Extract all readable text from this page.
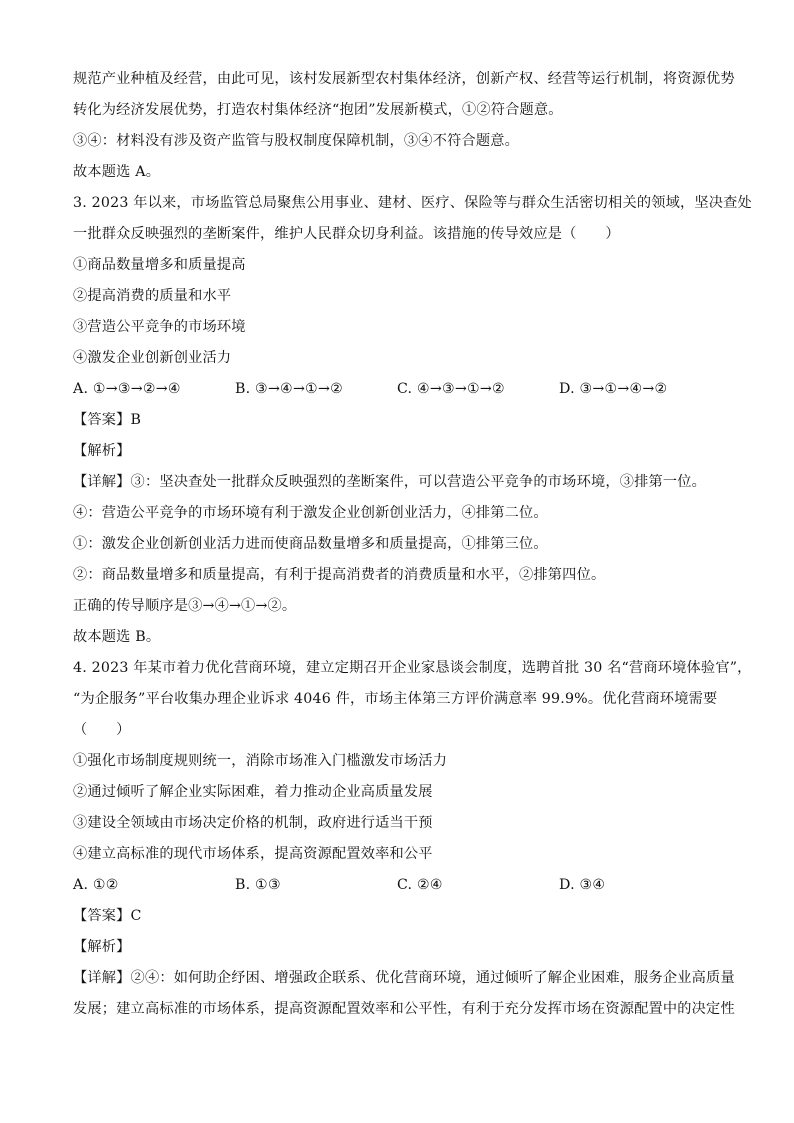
规范产业种植及经营，由此可见，该村发展新型农村集体经济，创新产权、经营等运行机制，将资源优势
转化为经济发展优势，打造农村集体经济“抱团”发展新模式，①②符合题意。
③④：材料没有涉及资产监管与股权制度保障机制，③④不符合题意。
故本题选 A。
3. 2023 年以来，市场监管总局聚焦公用事业、建材、医疗、保险等与群众生活密切相关的领域，坚决查处
一批群众反映强烈的垄断案件，维护人民群众切身利益。该措施的传导效应是（　　）
①商品数量增多和质量提高
②提高消费的质量和水平
③营造公平竞争的市场环境
④激发企业创新创业活力
A. ①→③→②→④	B. ③→④→①→②	C. ④→③→①→②	D. ③→①→④→②
【答案】B
【解析】
【详解】③：坚决查处一批群众反映强烈的垄断案件，可以营造公平竞争的市场环境，③排第一位。
④：营造公平竞争的市场环境有利于激发企业创新创业活力，④排第二位。
①：激发企业创新创业活力进而使商品数量增多和质量提高，①排第三位。
②：商品数量增多和质量提高，有利于提高消费者的消费质量和水平，②排第四位。
正确的传导顺序是③→④→①→②。
故本题选 B。
4. 2023 年某市着力优化营商环境，建立定期召开企业家恳谈会制度，选聘首批 30 名“营商环境体验官”，
“为企服务”平台收集办理企业诉求 4046 件，市场主体第三方评价满意率 99.9%。优化营商环境需要
（　　）
①强化市场制度规则统一，消除市场准入门槛激发市场活力
②通过倾听了解企业实际困难，着力推动企业高质量发展
③建设全领域由市场决定价格的机制，政府进行适当干预
④建立高标准的现代市场体系，提高资源配置效率和公平
A. ①②	B. ①③	C. ②④	D. ③④
【答案】C
【解析】
【详解】②④：如何助企纾困、增强政企联系、优化营商环境，通过倾听了解企业困难，服务企业高质量
发展；建立高标准的市场体系，提高资源配置效率和公平性，有利于充分发挥市场在资源配置中的决定性
